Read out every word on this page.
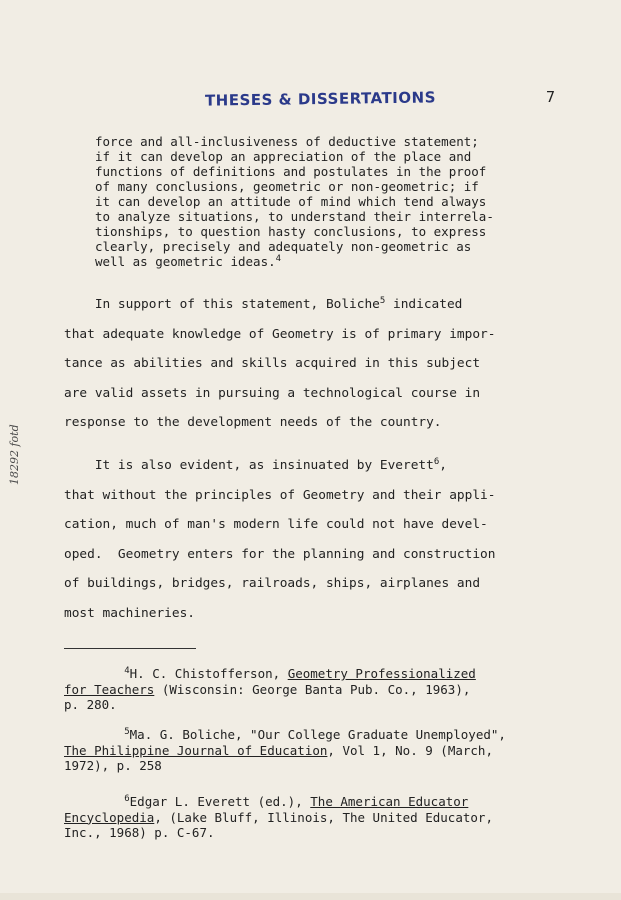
THESES & DISSERTATIONS	7
18292 fotd
force and all-inclusiveness of deductive statement;
if it can develop an appreciation of the place and
functions of definitions and postulates in the proof
of many conclusions, geometric or non-geometric; if
it can develop an attitude of mind which tend always
to analyze situations, to understand their interrela-
tionships, to question hasty conclusions, to express
clearly, precisely and adequately non-geometric as
well as geometric ideas.$^4$
In support of this statement, Boliche$^5$ indicated
that adequate knowledge of Geometry is of primary impor-
tance as abilities and skills acquired in this subject
are valid assets in pursuing a technological course in
response to the development needs of the country.
It is also evident, as insinuated by Everett$^6$,
that without the principles of Geometry and their appli-
cation, much of man's modern life could not have devel-
oped.  Geometry enters for the planning and construction
of buildings, bridges, railroads, ships, airplanes and
most machineries.
$^4$H. C. Chistofferson, Geometry Professionalized
for Teachers (Wisconsin: George Banta Pub. Co., 1963),
p. 280.
$^5$Ma. G. Boliche, "Our College Graduate Unemployed",
The Philippine Journal of Education, Vol 1, No. 9 (March,
1972), p. 258
$^6$Edgar L. Everett (ed.), The American Educator
Encyclopedia, (Lake Bluff, Illinois, The United Educator,
Inc., 1968) p. C-67.
